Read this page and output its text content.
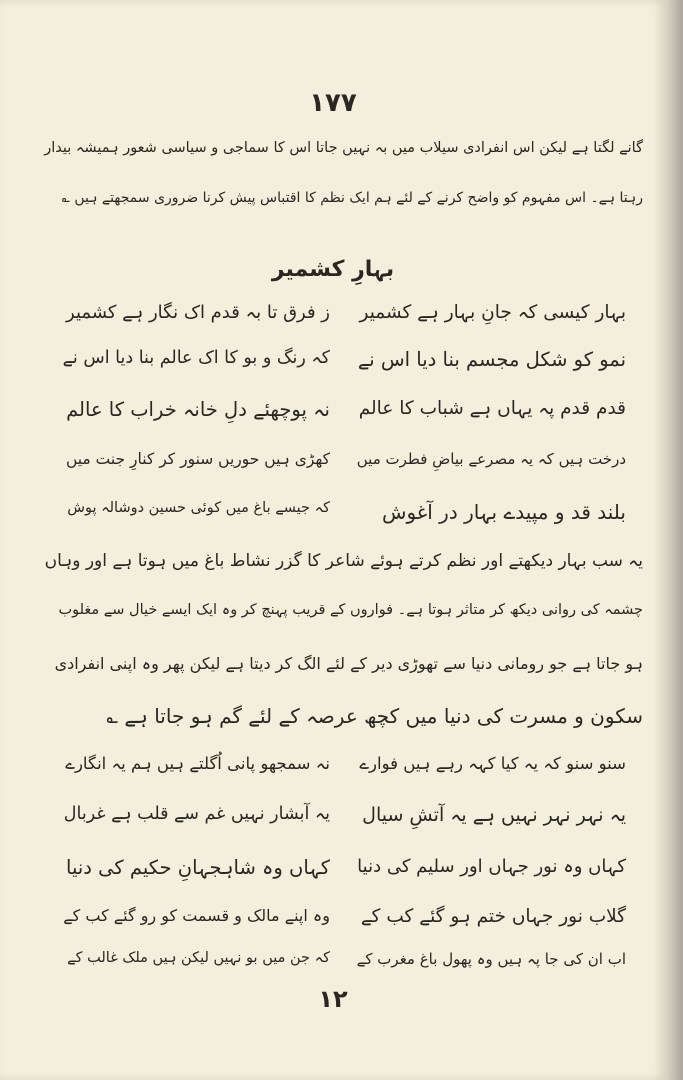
۱۷۷
گانے لگتا ہے لیکن اس انفرادی سیلاب میں بہ نہیں جاتا اس کا سماجی و سیاسی شعور ہمیشہ بیدار
رہتا ہے۔ اس مفہوم کو واضح کرنے کے لئے ہم ایک نظم کا اقتباس پیش کرنا ضروری سمجھتے ہیں ؎
بہارِ کشمیر
بہار کیسی کہ جانِ بہار ہے کشمیر
ز فرق تا بہ قدم اک نگار ہے کشمیر
نمو کو شکل مجسم بنا دیا اس نے
کہ رنگ و بو کا اک عالم بنا دیا اس نے
قدم قدم پہ یہاں ہے شباب کا عالم
نہ پوچھئے دلِ خانہ خراب کا عالم
درخت ہیں کہ یہ مصرعے بیاضِ فطرت میں
کھڑی ہیں حوریں سنور کر کنارِ جنت میں
بلند قد و مپیدے بہار در آغوش
کہ جیسے باغ میں کوئی حسین دوشالہ پوش
یہ سب بہار دیکھتے اور نظم کرتے ہوئے شاعر کا گزر نشاط باغ میں ہوتا ہے اور وہاں
چشمہ کی روانی دیکھ کر متاثر ہوتا ہے۔ فواروں کے قریب پہنچ کر وہ ایک ایسے خیال سے مغلوب
ہو جاتا ہے جو رومانی دنیا سے تھوڑی دیر کے لئے الگ کر دیتا ہے لیکن پھر وہ اپنی انفرادی
سکون و مسرت کی دنیا میں کچھ عرصہ کے لئے گم ہو جاتا ہے ؎
سنو سنو کہ یہ کیا کہہ رہے ہیں فوارے
نہ سمجھو پانی اُگلتے ہیں ہم یہ انگارے
یہ نہر نہر نہیں ہے یہ آتشِ سیال
یہ آبشار نہیں غم سے قلب ہے غربال
کہاں وہ نور جہاں اور سلیم کی دنیا
کہاں وہ شاہجہانِ حکیم کی دنیا
گلاب نور جہاں ختم ہو گئے کب کے
وہ اپنے مالک و قسمت کو رو گئے کب کے
اب ان کی جا پہ ہیں وہ پھول باغ مغرب کے
کہ جن میں بو نہیں لیکن ہیں ملک غالب کے
۱۲
